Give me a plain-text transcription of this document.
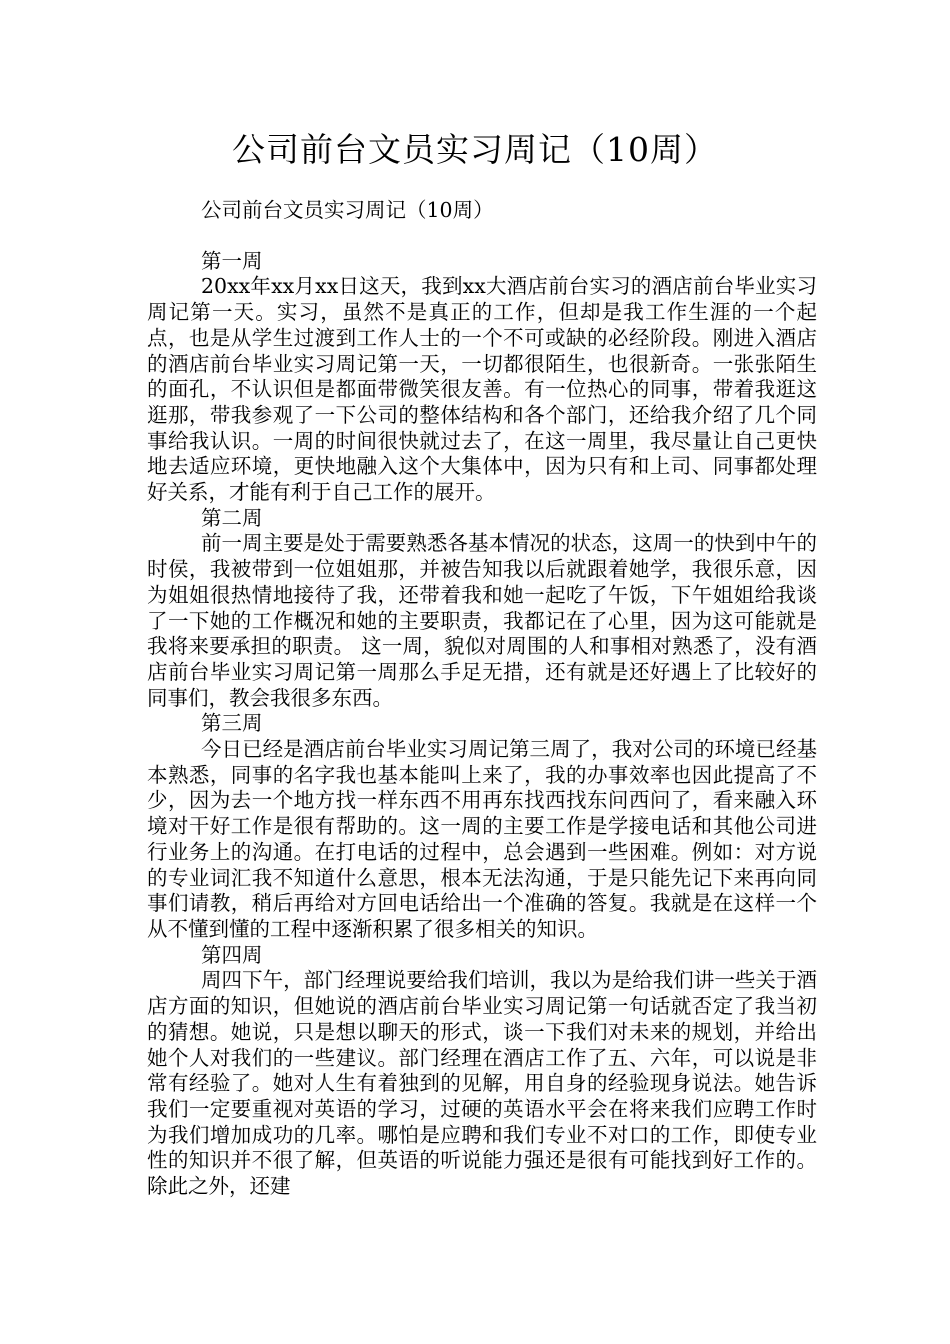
公司前台文员实习周记（10周）

公司前台文员实习周记（10周）

第一周

20xx年xx月xx日这天，我到xx大酒店前台实习的酒店前台毕业实习周记第一天。实习，虽然不是真正的工作，但却是我工作生涯的一个起点，也是从学生过渡到工作人士的一个不可或缺的必经阶段。刚进入酒店的酒店前台毕业实习周记第一天，一切都很陌生，也很新奇。一张张陌生的面孔，不认识但是都面带微笑很友善。有一位热心的同事，带着我逛这逛那，带我参观了一下公司的整体结构和各个部门，还给我介绍了几个同事给我认识。一周的时间很快就过去了，在这一周里，我尽量让自己更快地去适应环境，更快地融入这个大集体中，因为只有和上司、同事都处理好关系，才能有利于自己工作的展开。

第二周

前一周主要是处于需要熟悉各基本情况的状态，这周一的快到中午的时侯，我被带到一位姐姐那，并被告知我以后就跟着她学，我很乐意，因为姐姐很热情地接待了我，还带着我和她一起吃了午饭，下午姐姐给我谈了一下她的工作概况和她的主要职责，我都记在了心里，因为这可能就是我将来要承担的职责。 这一周，貌似对周围的人和事相对熟悉了，没有酒店前台毕业实习周记第一周那么手足无措，还有就是还好遇上了比较好的同事们，教会我很多东西。

第三周

今日已经是酒店前台毕业实习周记第三周了，我对公司的环境已经基本熟悉，同事的名字我也基本能叫上来了，我的办事效率也因此提高了不少，因为去一个地方找一样东西不用再东找西找东问西问了，看来融入环境对干好工作是很有帮助的。这一周的主要工作是学接电话和其他公司进行业务上的沟通。在打电话的过程中，总会遇到一些困难。例如：对方说的专业词汇我不知道什么意思，根本无法沟通，于是只能先记下来再向同事们请教，稍后再给对方回电话给出一个准确的答复。我就是在这样一个从不懂到懂的工程中逐渐积累了很多相关的知识。

第四周

周四下午，部门经理说要给我们培训，我以为是给我们讲一些关于酒店方面的知识，但她说的酒店前台毕业实习周记第一句话就否定了我当初的猜想。她说，只是想以聊天的形式，谈一下我们对未来的规划，并给出她个人对我们的一些建议。部门经理在酒店工作了五、六年，可以说是非常有经验了。她对人生有着独到的见解，用自身的经验现身说法。她告诉我们一定要重视对英语的学习，过硬的英语水平会在将来我们应聘工作时为我们增加成功的几率。哪怕是应聘和我们专业不对口的工作，即使专业性的知识并不很了解，但英语的听说能力强还是很有可能找到好工作的。除此之外，还建
